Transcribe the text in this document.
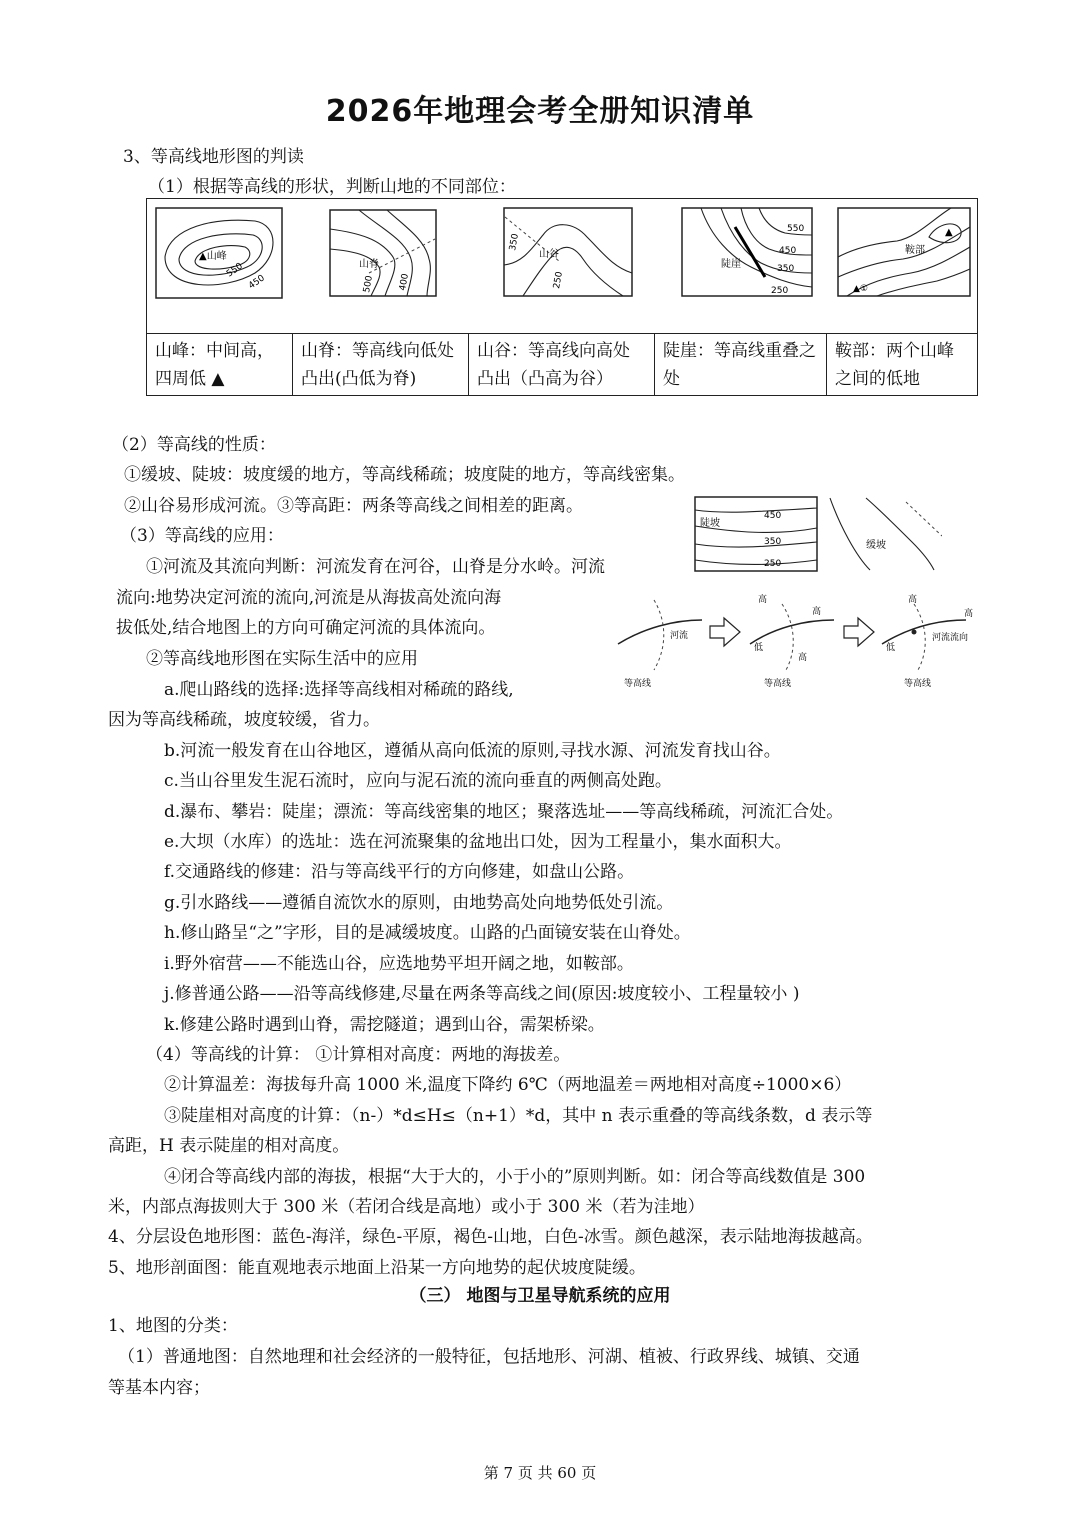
2026年地理会考全册知识清单
3、等高线地形图的判读
（1）根据等高线的形状，判断山地的不同部位：
▲山峰
550
450
山脊
500	400
山谷
350
250
陡崖
550
450
350
250
鞍部
▲
▲①
山峰：中间高，四周低 ▲
山脊：等高线向低处凸出(凸低为脊)
山谷：等高线向高处凸出（凸高为谷）
陡崖：等高线重叠之处
鞍部：两个山峰之间的低地
（2）等高线的性质：
①缓坡、陡坡：坡度缓的地方，等高线稀疏；坡度陡的地方，等高线密集。
②山谷易形成河流。③等高距：两条等高线之间相差的距离。
（3）等高线的应用：
①河流及其流向判断：河流发育在河谷，山脊是分水岭。河流
流向:地势决定河流的流向,河流是从海拔高处流向海
拔低处,结合地图上的方向可确定河流的具体流向。
②等高线地形图在实际生活中的应用
陡坡
450
350
250
缓坡
河流
等高线
高
高
低
高
等高线
高
低
河流流向
高
等高线
a.爬山路线的选择:选择等高线相对稀疏的路线,
因为等高线稀疏，坡度较缓，省力。
b.河流一般发育在山谷地区，遵循从高向低流的原则,寻找水源、河流发育找山谷。
c.当山谷里发生泥石流时，应向与泥石流的流向垂直的两侧高处跑。
d.瀑布、攀岩：陡崖；漂流：等高线密集的地区；聚落选址——等高线稀疏，河流汇合处。
e.大坝（水库）的选址：选在河流聚集的盆地出口处，因为工程量小，集水面积大。
f.交通路线的修建：沿与等高线平行的方向修建，如盘山公路。
g.引水路线——遵循自流饮水的原则，由地势高处向地势低处引流。
h.修山路呈“之”字形，目的是减缓坡度。山路的凸面镜安装在山脊处。
i.野外宿营——不能选山谷，应选地势平坦开阔之地，如鞍部。
j.修普通公路——沿等高线修建,尽量在两条等高线之间(原因:坡度较小、工程量较小 )
k.修建公路时遇到山脊，需挖隧道；遇到山谷，需架桥梁。
（4）等高线的计算： ①计算相对高度：两地的海拔差。
②计算温差：海拔每升高 1000 米,温度下降约 6℃（两地温差＝两地相对高度÷1000×6）
③陡崖相对高度的计算：（n-）*d≤H≤（n+1）*d，其中 n 表示重叠的等高线条数，d 表示等
高距，H 表示陡崖的相对高度。
④闭合等高线内部的海拔，根据“大于大的，小于小的”原则判断。如：闭合等高线数值是 300
米，内部点海拔则大于 300 米（若闭合线是高地）或小于 300 米（若为洼地）
4、分层设色地形图：蓝色-海洋，绿色-平原，褐色-山地，白色-冰雪。颜色越深，表示陆地海拔越高。
5、地形剖面图：能直观地表示地面上沿某一方向地势的起伏坡度陡缓。
（三） 地图与卫星导航系统的应用
1、地图的分类：
（1）普通地图：自然地理和社会经济的一般特征，包括地形、河湖、植被、行政界线、城镇、交通
等基本内容；
第 7 页 共 60 页
